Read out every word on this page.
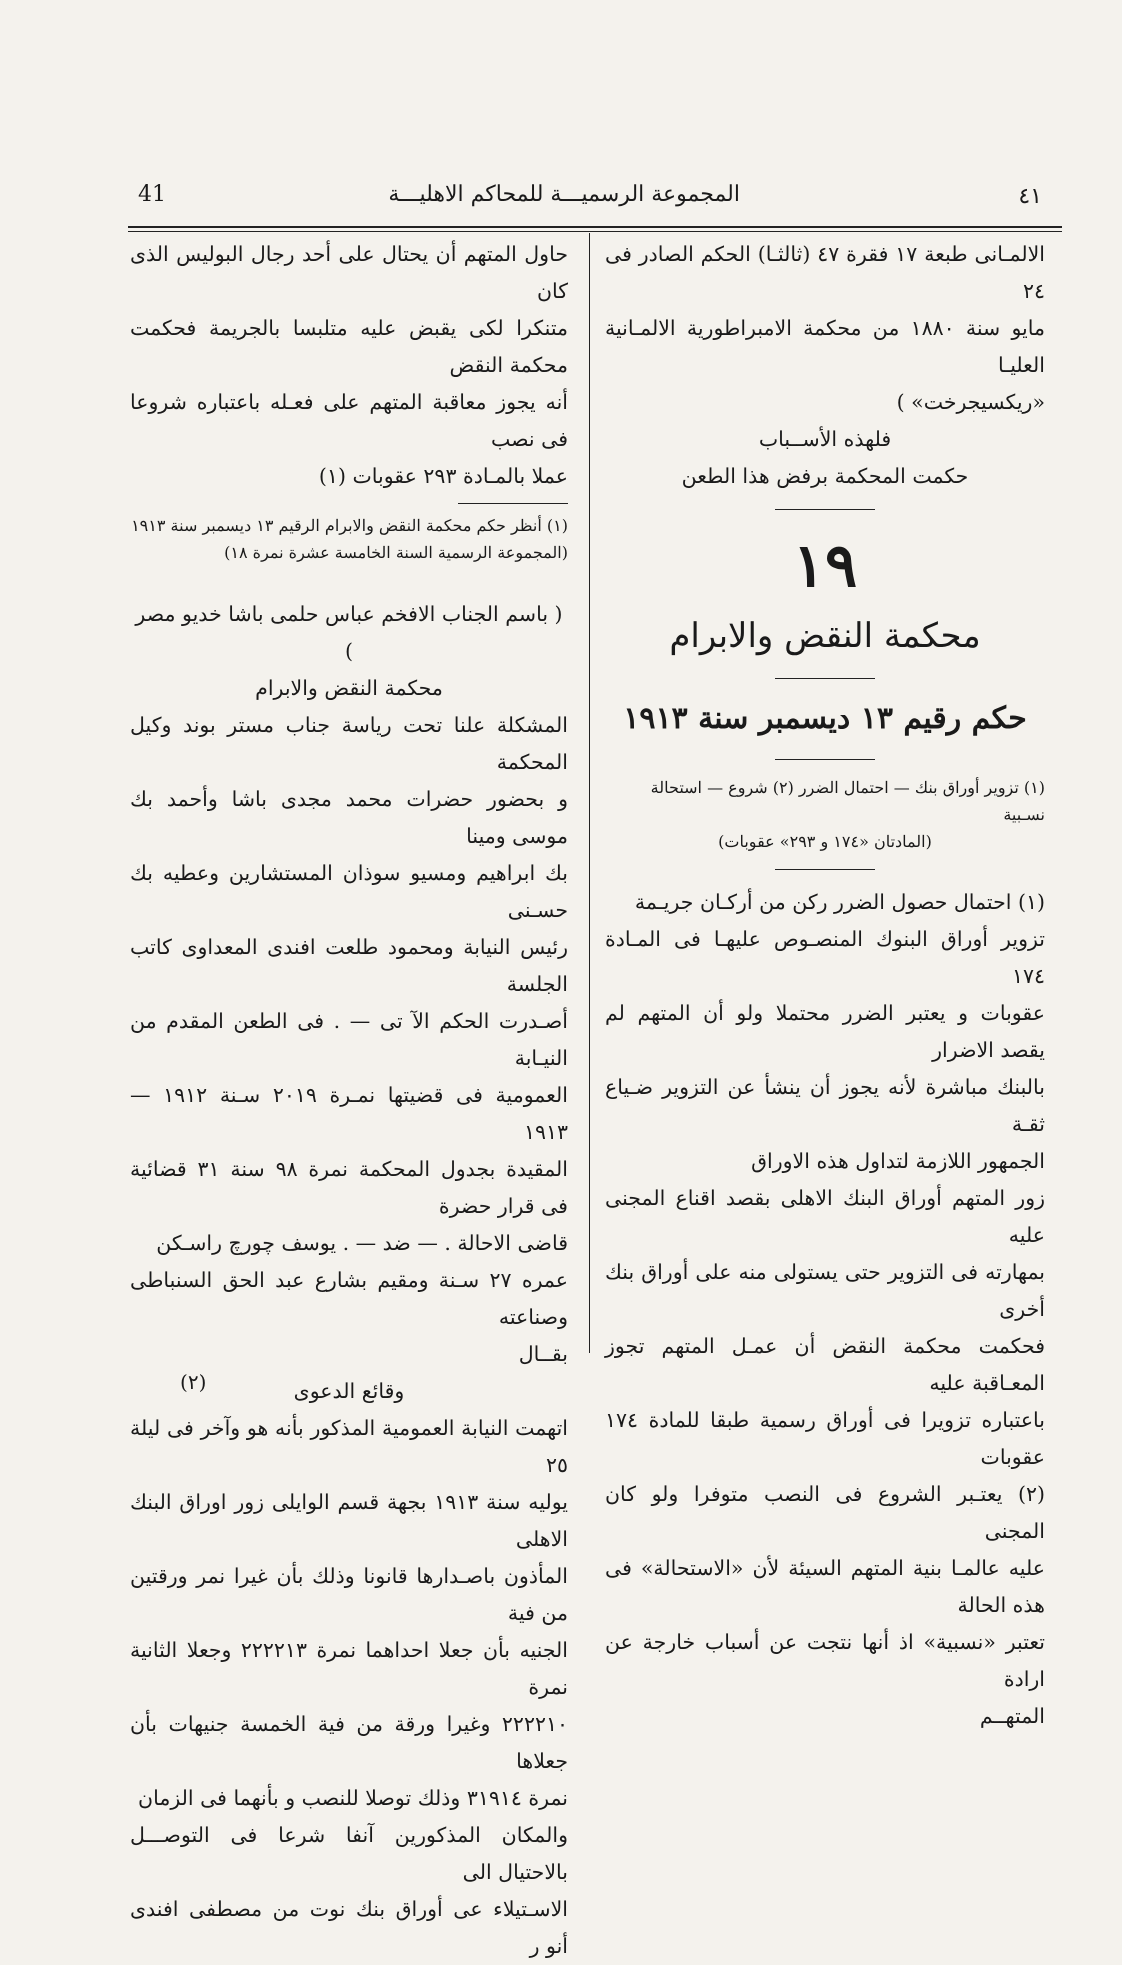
٤١
المجموعة الرسميـــة للمحاكم الاهليـــة
41

حاول المتهم أن يحتال على أحد رجال البوليس الذى كان

متنكرا لكى يقبض عليه متلبسا بالجريمة فحكمت محكمة النقض

أنه يجوز معاقبة المتهم على فعـله باعتباره شروعا فى نصب

عملا بالمـادة ٢٩٣ عقوبات (١)

(١) أنظر حكم محكمة النقض والابرام الرقيم ١٣ ديسمبر سنة ١٩١٣

(المجموعة الرسمية السنة الخامسة عشرة نمرة ١٨)

( باسم الجناب الافخم عباس حلمى باشا خديو مصر )

محكمة النقض والابرام

المشكلة علنا تحت رياسة جناب مستر بوند وكيل المحكمة

و بحضور حضرات محمد مجدى باشا وأحمد بك موسى ومينا

بك ابراهيم ومسيو سوذان المستشارين وعطيه بك حسـنى

رئيس النيابة ومحمود طلعت افندى المعداوى كاتب الجلسة

أصـدرت الحكم الآ تى — . فى الطعن المقدم من النيـابة

العمومية فى قضيتها نمـرة ٢٠١٩ سـنة ١٩١٢ — ١٩١٣

المقيدة بجدول المحكمة نمرة ٩٨ سنة ٣١ قضائية فى قرار حضرة

قاضى الاحالة . — ضد — . يوسف چورچ راسـكن

عمره ٢٧ سـنة ومقيم بشارع عبد الحق السنباطى وصناعته

بقــال

وقائع الدعوى

اتهمت النيابة العمومية المذكور بأنه هو وآخر فى ليلة ٢٥

يوليه سنة ١٩١٣ بجهة قسم الوايلى زور اوراق البنك الاهلى

المأذون باصـدارها قانونا وذلك بأن غيرا نمر ورقتين من فية

الجنيه بأن جعلا احداهما نمرة ٢٢٢٢١٣ وجعلا الثانية نمرة

٢٢٢٢١٠ وغيرا ورقة من فية الخمسة جنيهات بأن جعلاها

نمرة ٣١٩١٤ وذلك توصلا للنصب و بأنهما فى الزمان

والمكان المذكورين آنفا شرعا فى التوصـــل بالاحتيال الى

الاسـتيلاء عى أوراق بنك نوت من مصطفى افندى أنو ر

الالمـانى طبعة ١٧ فقرة ٤٧ (ثالثـا) الحكم الصادر فى ٢٤

مايو سنة ١٨٨٠ من محكمة الامبراطورية الالمـانية العليـا

«ريكسيجرخت» )

فلهذه الأســباب

حكمت المحكمة برفض هذا الطعن

١٩

محكمة النقض والابرام

حكم رقيم ١٣ ديسمبر سنة ١٩١٣

(١) تزوير أوراق بنك — احتمال الضرر (٢) شروع — استحالة

نسـبية

(المادتان «١٧٤ و ٢٩٣» عقوبات)

(١) احتمال حصول الضرر ركن من أركـان جريـمة

تزوير أوراق البنوك المنصـوص عليهـا فى المـادة ١٧٤

عقوبات و يعتبر الضرر محتملا ولو أن المتهم لم يقصد الاضرار

بالبنك مباشرة لأنه يجوز أن ينشأ عن التزوير ضـياع ثقـة

الجمهور اللازمة لتداول هذه الاوراق

زور المتهم أوراق البنك الاهلى بقصد اقناع المجنى عليه

بمهارته فى التزوير حتى يستولى منه على أوراق بنك أخرى

فحكمت محكمة النقض أن عمـل المتهم تجوز المعـاقبة عليه

باعتباره تزويرا فى أوراق رسمية طبقا للمادة ١٧٤ عقوبات

(٢) يعتـبر الشروع فى النصب متوفرا ولو كان المجنى

عليه عالمـا بنية المتهم السيئة لأن «الاستحالة» فى هذه الحالة

تعتبر «نسبية» اذ أنها نتجت عن أسباب خارجة عن ارادة

المتهــم

(٢)
